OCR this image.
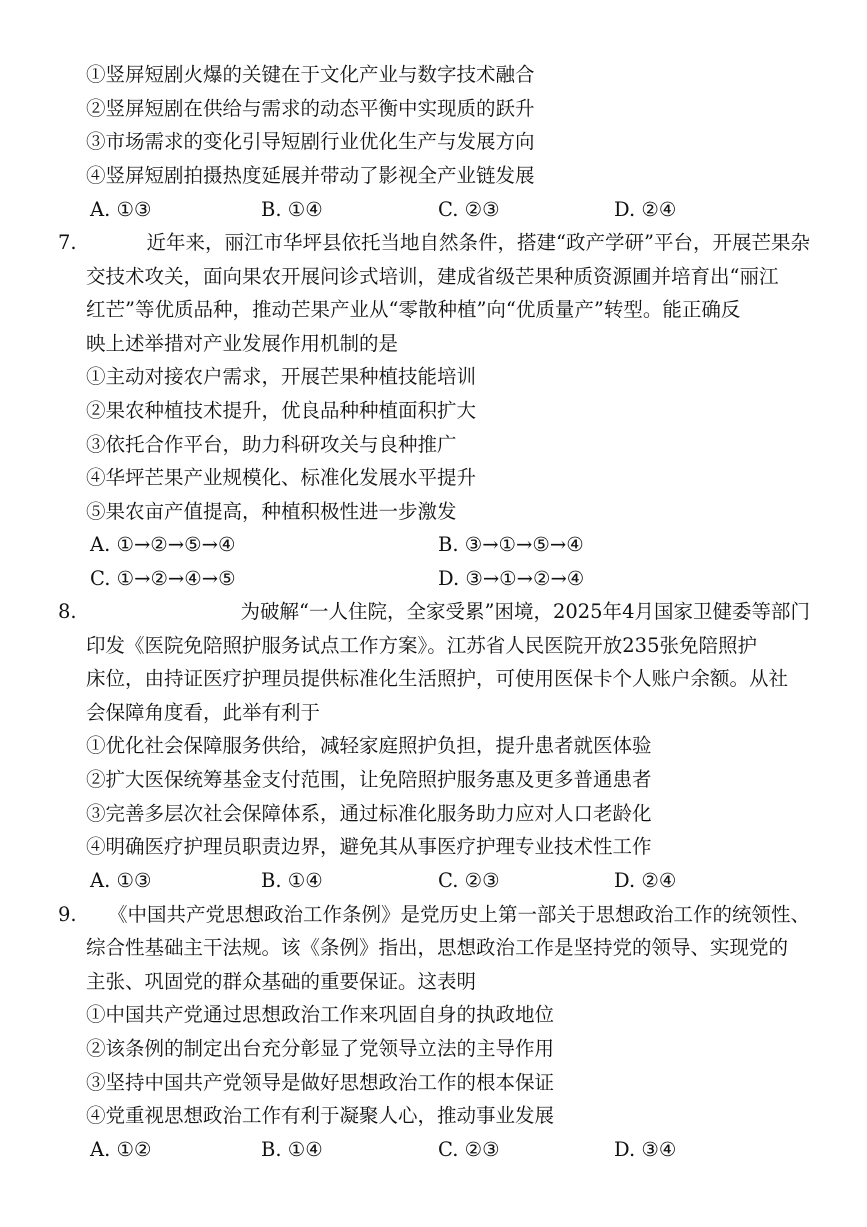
①竖屏短剧火爆的关键在于文化产业与数字技术融合
②竖屏短剧在供给与需求的动态平衡中实现质的跃升
③市场需求的变化引导短剧行业优化生产与发展方向
④竖屏短剧拍摄热度延展并带动了影视全产业链发展
A. ①③	B. ①④	C. ②③	D. ②④
7.	近年来，丽江市华坪县依托当地自然条件，搭建“政产学研”平台，开展芒果杂
交技术攻关，面向果农开展问诊式培训，建成省级芒果种质资源圃并培育出“丽江
红芒”等优质品种，推动芒果产业从“零散种植”向“优质量产”转型。能正确反
映上述举措对产业发展作用机制的是
①主动对接农户需求，开展芒果种植技能培训
②果农种植技术提升，优良品种种植面积扩大
③依托合作平台，助力科研攻关与良种推广
④华坪芒果产业规模化、标准化发展水平提升
⑤果农亩产值提高，种植积极性进一步激发
A. ①→②→⑤→④	B. ③→①→⑤→④
C. ①→②→④→⑤	D. ③→①→②→④
8.	为破解“一人住院，全家受累”困境，2025年4月国家卫健委等部门
印发《医院免陪照护服务试点工作方案》。江苏省人民医院开放235张免陪照护
床位，由持证医疗护理员提供标准化生活照护，可使用医保卡个人账户余额。从社
会保障角度看，此举有利于
①优化社会保障服务供给，减轻家庭照护负担，提升患者就医体验
②扩大医保统筹基金支付范围，让免陪照护服务惠及更多普通患者
③完善多层次社会保障体系，通过标准化服务助力应对人口老龄化
④明确医疗护理员职责边界，避免其从事医疗护理专业技术性工作
A. ①③	B. ①④	C. ②③	D. ②④
9. 《中国共产党思想政治工作条例》是党历史上第一部关于思想政治工作的统领性、
综合性基础主干法规。该《条例》指出，思想政治工作是坚持党的领导、实现党的
主张、巩固党的群众基础的重要保证。这表明
①中国共产党通过思想政治工作来巩固自身的执政地位
②该条例的制定出台充分彰显了党领导立法的主导作用
③坚持中国共产党领导是做好思想政治工作的根本保证
④党重视思想政治工作有利于凝聚人心，推动事业发展
A. ①②	B. ①④	C. ②③	D. ③④
